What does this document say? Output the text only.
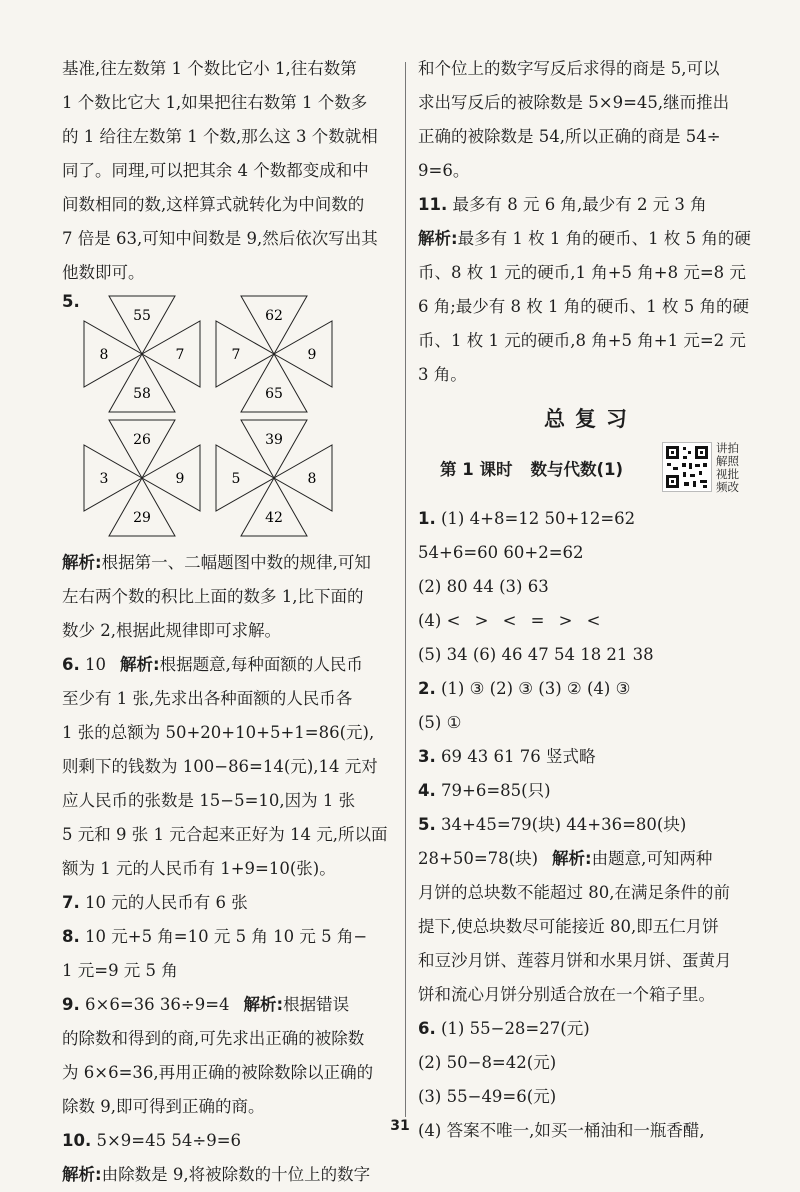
基准,往左数第 1 个数比它小 1,往右数第
1 个数比它大 1,如果把往右数第 1 个数多
的 1 给往左数第 1 个数,那么这 3 个数就相
同了。同理,可以把其余 4 个数都变成和中
间数相同的数,这样算式就转化为中间数的
7 倍是 63,可知中间数是 9,然后依次写出其
他数即可。
5.
55
8	7
58
62
7	9
65
26
3	9
29
39
5	8
42
解析:根据第一、二幅题图中数的规律,可知
左右两个数的积比上面的数多 1,比下面的
数少 2,根据此规律即可求解。
6. 10 解析:根据题意,每种面额的人民币
至少有 1 张,先求出各种面额的人民币各
1 张的总额为 50+20+10+5+1=86(元),
则剩下的钱数为 100−86=14(元),14 元对
应人民币的张数是 15−5=10,因为 1 张
5 元和 9 张 1 元合起来正好为 14 元,所以面
额为 1 元的人民币有 1+9=10(张)。
7. 10 元的人民币有 6 张
8. 10 元+5 角=10 元 5 角 10 元 5 角−
1 元=9 元 5 角
9. 6×6=36 36÷9=4 解析:根据错误
的除数和得到的商,可先求出正确的被除数
为 6×6=36,再用正确的被除数除以正确的
除数 9,即可得到正确的商。
10. 5×9=45 54÷9=6
解析:由除数是 9,将被除数的十位上的数字
和个位上的数字写反后求得的商是 5,可以
求出写反后的被除数是 5×9=45,继而推出
正确的被除数是 54,所以正确的商是 54÷
9=6。
11. 最多有 8 元 6 角,最少有 2 元 3 角
解析:最多有 1 枚 1 角的硬币、1 枚 5 角的硬
币、8 枚 1 元的硬币,1 角+5 角+8 元=8 元
6 角;最少有 8 枚 1 角的硬币、1 枚 5 角的硬
币、1 枚 1 元的硬币,8 角+5 角+1 元=2 元
3 角。
总复习
第 1 课时 数与代数(1)
讲拍
解照
视批
频改
1. (1) 4+8=12 50+12=62
54+6=60 60+2=62
(2) 80 44 (3) 63
(4) < > < = > <
(5) 34 (6) 46 47 54 18 21 38
2. (1) ③ (2) ③ (3) ② (4) ③
(5) ①
3. 69 43 61 76 竖式略
4. 79+6=85(只)
5. 34+45=79(块) 44+36=80(块)
28+50=78(块) 解析:由题意,可知两种
月饼的总块数不能超过 80,在满足条件的前
提下,使总块数尽可能接近 80,即五仁月饼
和豆沙月饼、莲蓉月饼和水果月饼、蛋黄月
饼和流心月饼分别适合放在一个箱子里。
6. (1) 55−28=27(元)
(2) 50−8=42(元)
(3) 55−49=6(元)
(4) 答案不唯一,如买一桶油和一瓶香醋,
31
